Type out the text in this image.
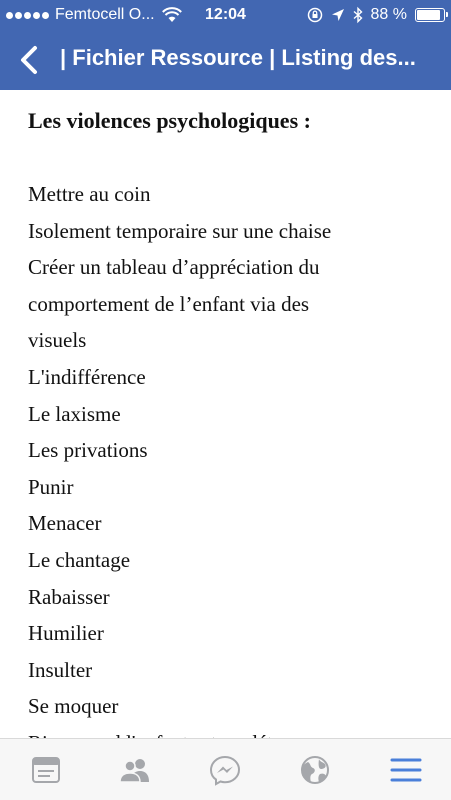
Femtocell O...	12:04	88 %
| Fichier Ressource | Listing des...
Les violences psychologiques :
Mettre au coin
Isolement temporaire sur une chaise
Créer un tableau d’appréciation du
comportement de l’enfant via des
visuels
L'indifférence
Le laxisme
Les privations
Punir
Menacer
Le chantage
Rabaisser
Humilier
Insulter
Se moquer
